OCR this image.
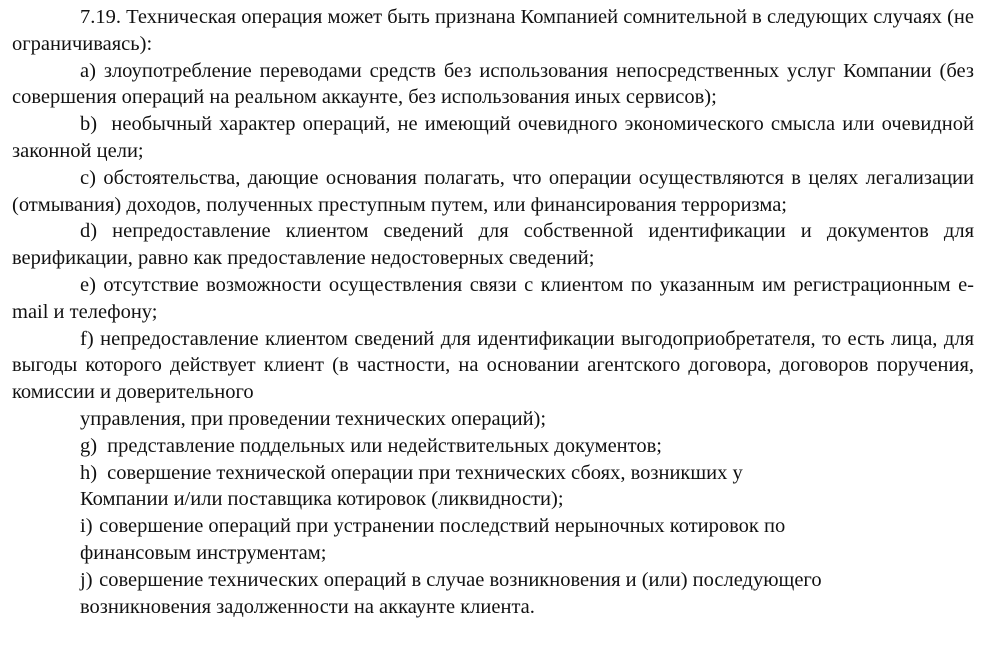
7.19. Техническая операция может быть признана Компанией сомнительной в следующих случаях (не ограничиваясь):

a) злоупотребление переводами средств без использования непосредственных услуг Компании (без совершения операций на реальном аккаунте, без использования иных сервисов);

b) необычный характер операций, не имеющий очевидного экономического смысла или очевидной законной цели;

c) обстоятельства, дающие основания полагать, что операции осуществляются в целях легализации (отмывания) доходов, полученных преступным путем, или финансирования терроризма;

d) непредоставление клиентом сведений для собственной идентификации и документов для верификации, равно как предоставление недостоверных сведений;

e) отсутствие возможности осуществления связи с клиентом по указанным им регистрационным e-mail и телефону;

f) непредоставление клиентом сведений для идентификации выгодоприобретателя, то есть лица, для выгоды которого действует клиент (в частности, на основании агентского договора, договоров поручения, комиссии и доверительного

управления, при проведении технических операций);

g) представление поддельных или недействительных документов;

h) совершение технической операции при технических сбоях, возникших у

Компании и/или поставщика котировок (ликвидности);

i) совершение операций при устранении последствий нерыночных котировок по

финансовым инструментам;

j) совершение технических операций в случае возникновения и (или) последующего

возникновения задолженности на аккаунте клиента.
